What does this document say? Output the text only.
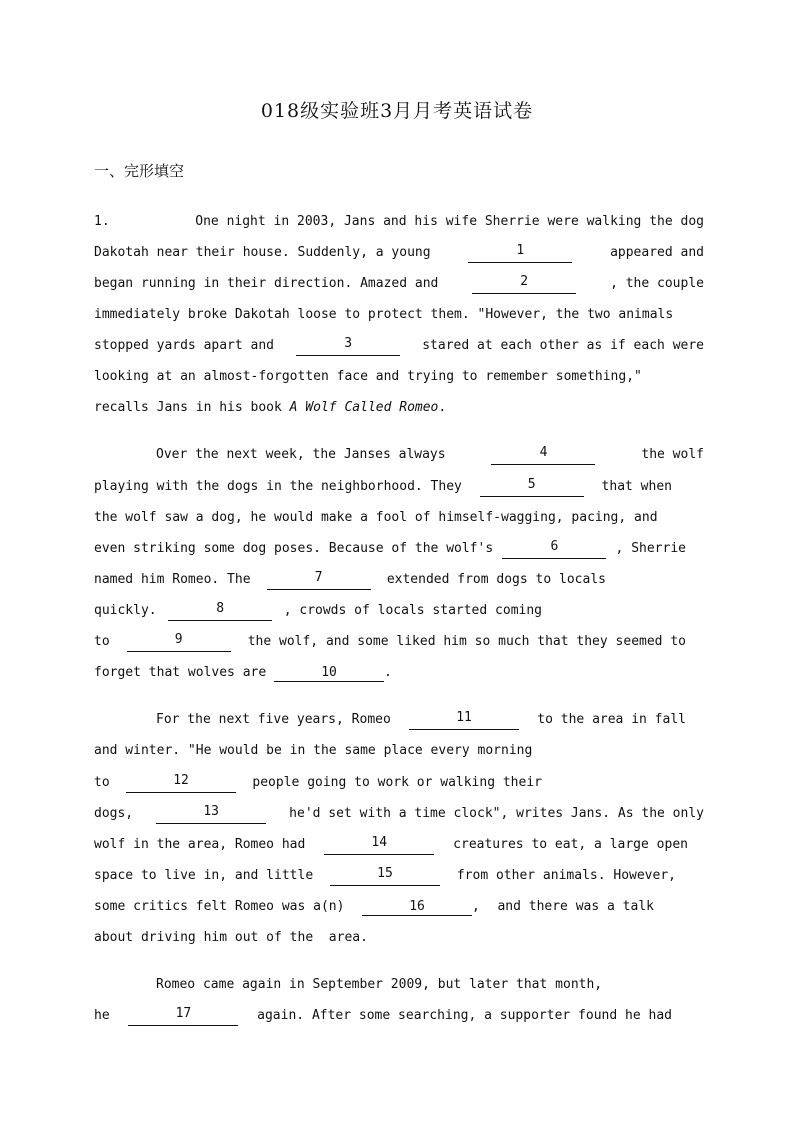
018级实验班3月月考英语试卷
一、完形填空
1.	One night in 2003, Jans and his wife Sherrie were walking the dog
Dakotah near their house. Suddenly, a young	1	appeared and
began running in their direction. Amazed and	2	, the couple
immediately broke Dakotah loose to protect them. "However, the two animals
stopped yards apart and	3	stared at each other as if each were
looking at an almost-forgotten face and trying to remember something,"
recalls Jans in his book A Wolf Called Romeo.
Over the next week, the Janses always	4	the wolf
playing with the dogs in the neighborhood. They	5	that when
the wolf saw a dog, he would make a fool of himself-wagging, pacing, and
even striking some dog poses. Because of the wolf's	6	, Sherrie
named him Romeo. The	7	extended from dogs to locals
quickly.	8	, crowds of locals started coming
to	9	the wolf, and some liked him so much that they seemed to
forget that wolves are	10	.
For the next five years, Romeo	11	to the area in fall
and winter. "He would be in the same place every morning
to	12	people going to work or walking their
dogs,	13	he'd set with a time clock", writes Jans. As the only
wolf in the area, Romeo had	14	creatures to eat, a large open
space to live in, and little	15	from other animals. However,
some critics felt Romeo was a(n)	16	, and there was a talk
about driving him out of the  area.
Romeo came again in September 2009, but later that month,
he	17	again. After some searching, a supporter found he had
